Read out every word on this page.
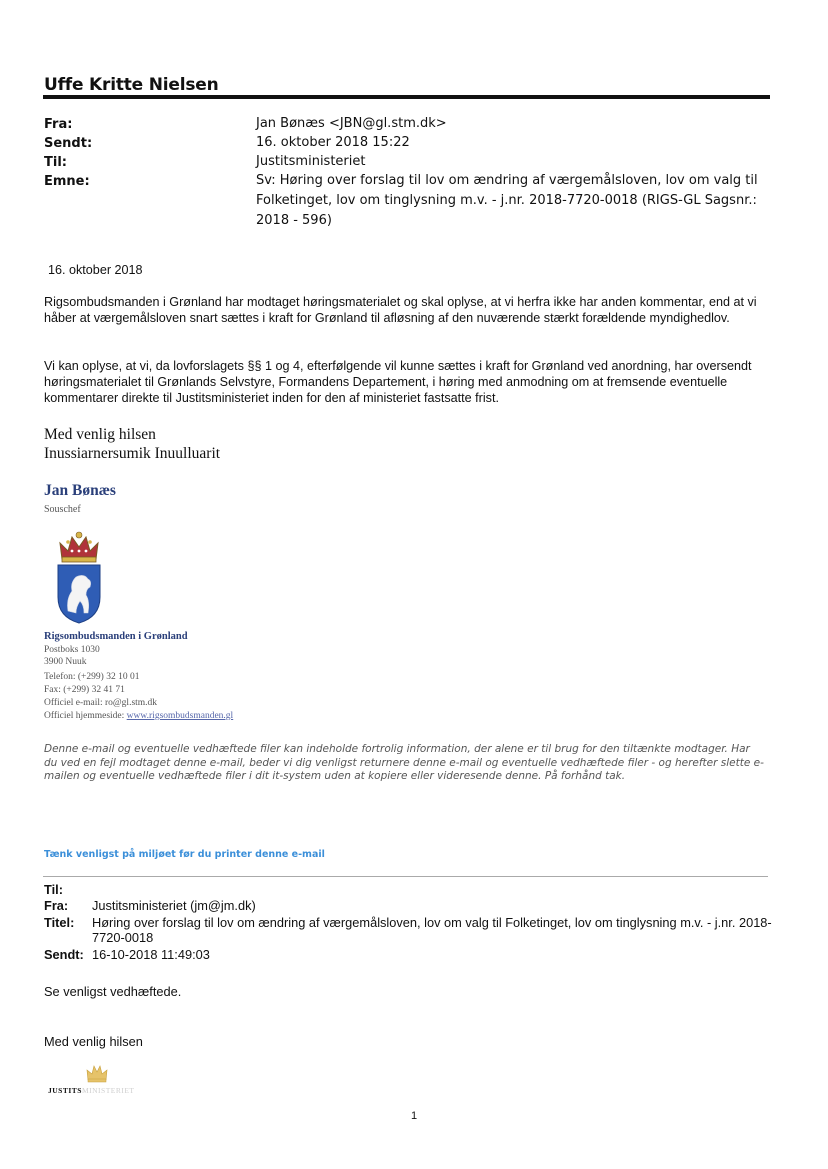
Uffe Kritte Nielsen
Fra:	Jan Bønæs <JBN@gl.stm.dk>
Sendt:	16. oktober 2018 15:22
Til:	Justitsministeriet
Emne:	Sv: Høring over forslag til lov om ændring af værgemålsloven, lov om valg til Folketinget, lov om tinglysning m.v. - j.nr. 2018-7720-0018 (RIGS-GL Sagsnr.: 2018 - 596)
16. oktober 2018
Rigsombudsmanden i Grønland har modtaget høringsmaterialet og skal oplyse, at vi herfra ikke har anden kommentar, end at vi håber at værgemålsloven snart sættes i kraft for Grønland til afløsning af den nuværende stærkt forældende myndighedlov.
Vi kan oplyse, at vi, da lovforslagets §§ 1 og 4, efterfølgende vil kunne sættes i kraft for Grønland ved anordning, har oversendt høringsmaterialet til Grønlands Selvstyre, Formandens Departement, i høring med anmodning om at fremsende eventuelle kommentarer direkte til Justitsministeriet inden for den af ministeriet fastsatte frist.
Med venlig hilsen
Inussiarnersumik Inuulluarit
Jan Bønæs
Souschef
Rigsombudsmanden i Grønland
Postboks 1030
3900 Nuuk
Telefon: (+299) 32 10 01
Fax: (+299) 32 41 71
Officiel e-mail: ro@gl.stm.dk
Officiel hjemmeside: www.rigsombudsmanden.gl
Denne e-mail og eventuelle vedhæftede filer kan indeholde fortrolig information, der alene er til brug for den tiltænkte modtager. Har du ved en fejl modtaget denne e-mail, beder vi dig venligst returnere denne e-mail og eventuelle vedhæftede filer - og herefter slette e-mailen og eventuelle vedhæftede filer i dit it-system uden at kopiere eller videresende denne. På forhånd tak.
Tænk venligst på miljøet før du printer denne e-mail
Til:
Fra: Justitsministeriet (jm@jm.dk)
Titel: Høring over forslag til lov om ændring af værgemålsloven, lov om valg til Folketinget, lov om tinglysning m.v. - j.nr. 2018-7720-0018
Sendt: 16-10-2018 11:49:03
Se venligst vedhæftede.
Med venlig hilsen
JUSTITSMINISTERIET
1
